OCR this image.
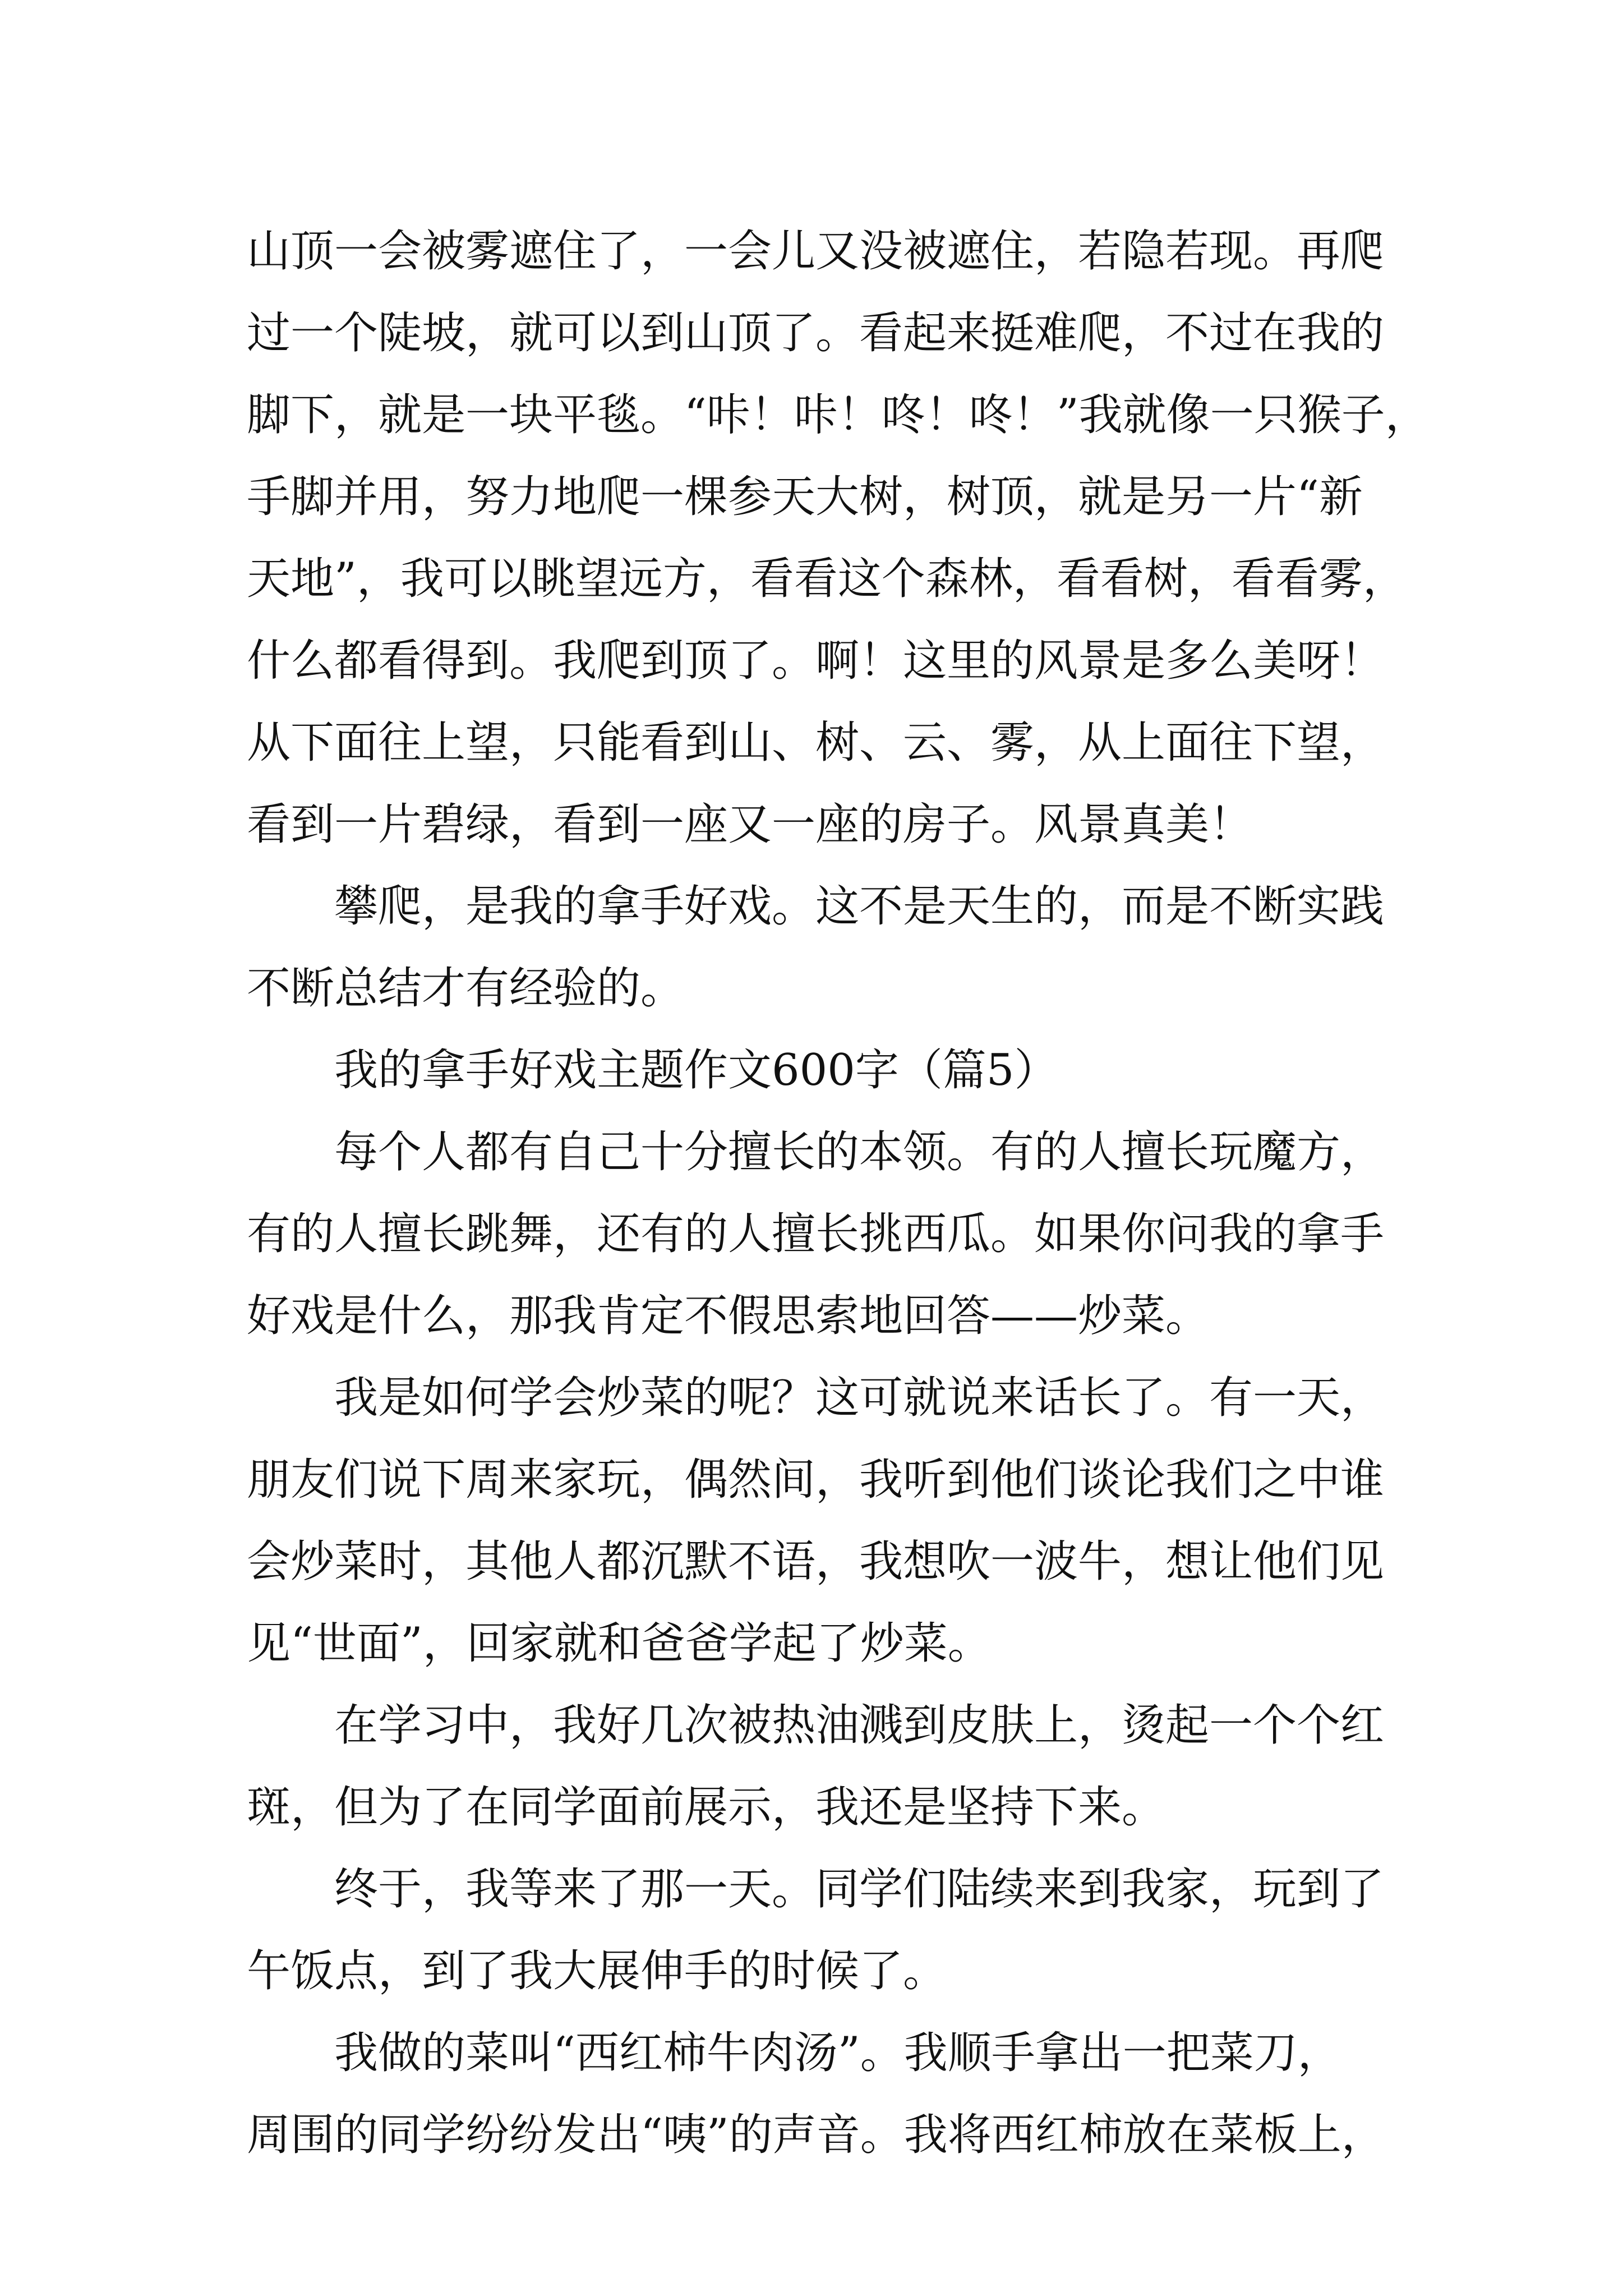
山顶一会被雾遮住了，一会儿又没被遮住，若隐若现。再爬
过一个陡坡，就可以到山顶了。看起来挺难爬，不过在我的
脚下，就是一块平毯。“咔！咔！咚！咚！”我就像一只猴子，
手脚并用，努力地爬一棵参天大树，树顶，就是另一片“新
天地”，我可以眺望远方，看看这个森林，看看树，看看雾，
什么都看得到。我爬到顶了。啊！这里的风景是多么美呀！
从下面往上望，只能看到山、树、云、雾，从上面往下望，
看到一片碧绿，看到一座又一座的房子。风景真美！
攀爬，是我的拿手好戏。这不是天生的，而是不断实践
不断总结才有经验的。
我的拿手好戏主题作文600字（篇5）
每个人都有自己十分擅长的本领。有的人擅长玩魔方，
有的人擅长跳舞，还有的人擅长挑西瓜。如果你问我的拿手
好戏是什么，那我肯定不假思索地回答——炒菜。
我是如何学会炒菜的呢？这可就说来话长了。有一天，
朋友们说下周来家玩，偶然间，我听到他们谈论我们之中谁
会炒菜时，其他人都沉默不语，我想吹一波牛，想让他们见
见“世面”，回家就和爸爸学起了炒菜。
在学习中，我好几次被热油溅到皮肤上，烫起一个个红
斑，但为了在同学面前展示，我还是坚持下来。
终于，我等来了那一天。同学们陆续来到我家，玩到了
午饭点，到了我大展伸手的时候了。
我做的菜叫“西红柿牛肉汤”。我顺手拿出一把菜刀，
周围的同学纷纷发出“咦”的声音。我将西红柿放在菜板上，
